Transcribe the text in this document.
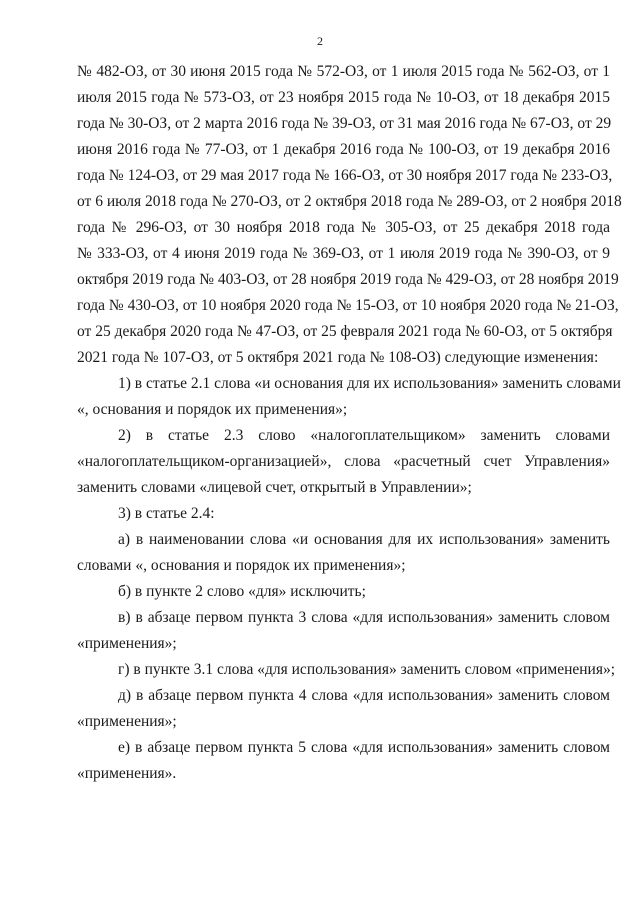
2
№ 482-ОЗ, от 30 июня 2015 года № 572-ОЗ, от 1 июля 2015 года № 562-ОЗ, от 1
июля 2015 года № 573-ОЗ, от 23 ноября 2015 года № 10-ОЗ, от 18 декабря 2015
года № 30-ОЗ, от 2 марта 2016 года № 39-ОЗ, от 31 мая 2016 года № 67-ОЗ, от 29
июня 2016 года № 77-ОЗ, от 1 декабря 2016 года № 100-ОЗ, от 19 декабря 2016
года № 124-ОЗ, от 29 мая 2017 года № 166-ОЗ, от 30 ноября 2017 года № 233-ОЗ,
от 6 июля 2018 года № 270-ОЗ, от 2 октября 2018 года № 289-ОЗ, от 2 ноября 2018
года № 296-ОЗ, от 30 ноября 2018 года № 305-ОЗ, от 25 декабря 2018 года
№ 333-ОЗ, от 4 июня 2019 года № 369-ОЗ, от 1 июля 2019 года № 390-ОЗ, от 9
октября 2019 года № 403-ОЗ, от 28 ноября 2019 года № 429-ОЗ, от 28 ноября 2019
года № 430-ОЗ, от 10 ноября 2020 года № 15-ОЗ, от 10 ноября 2020 года № 21-ОЗ,
от 25 декабря 2020 года № 47-ОЗ, от 25 февраля 2021 года № 60-ОЗ, от 5 октября
2021 года № 107-ОЗ, от 5 октября 2021 года № 108-ОЗ) следующие изменения:
1) в статье 2.1 слова «и основания для их использования» заменить словами
«, основания и порядок их применения»;
2) в статье 2.3 слово «налогоплательщиком» заменить словами
«налогоплательщиком-организацией», слова «расчетный счет Управления»
заменить словами «лицевой счет, открытый в Управлении»;
3) в статье 2.4:
а) в наименовании слова «и основания для их использования» заменить
словами «, основания и порядок их применения»;
б) в пункте 2 слово «для» исключить;
в) в абзаце первом пункта 3 слова «для использования» заменить словом
«применения»;
г) в пункте 3.1 слова «для использования» заменить словом «применения»;
д) в абзаце первом пункта 4 слова «для использования» заменить словом
«применения»;
е) в абзаце первом пункта 5 слова «для использования» заменить словом
«применения».
